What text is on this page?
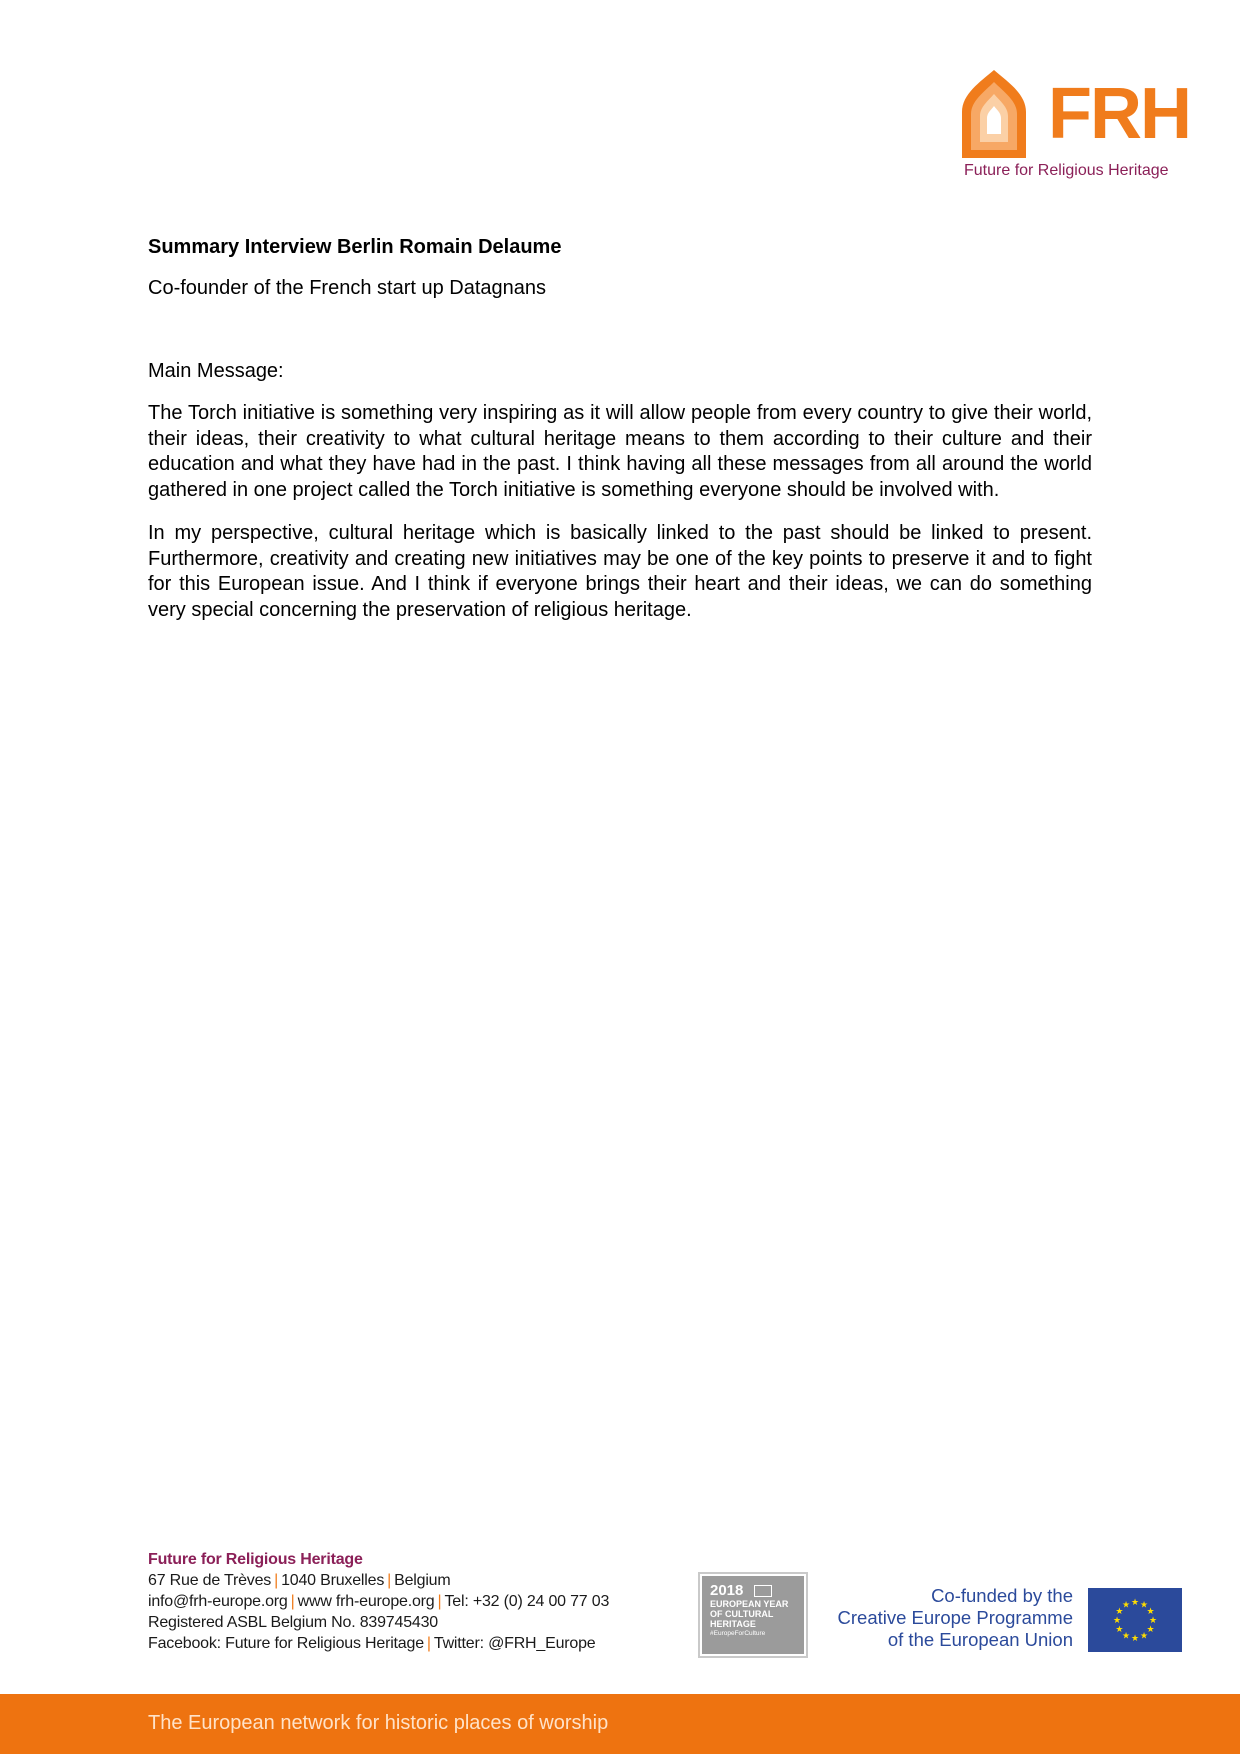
FRH
Future for Religious Heritage

Summary Interview Berlin Romain Delaume

Co-founder of the French start up Datagnans

Main Message:

The Torch initiative is something very inspiring as it will allow people from every country to give their world, their ideas, their creativity to what cultural heritage means to them according to their culture and their education and what they have had in the past. I think having all these messages from all around the world gathered in one project called the Torch initiative is something everyone should be involved with.

In my perspective, cultural heritage which is basically linked to the past should be linked to present. Furthermore, creativity and creating new initiatives may be one of the key points to preserve it and to fight for this European issue. And I think if everyone brings their heart and their ideas, we can do something very special concerning the preservation of religious heritage.

Future for Religious Heritage
67 Rue de Trèves | 1040 Bruxelles | Belgium
info@frh-europe.org | www frh-europe.org | Tel: +32 (0) 24 00 77 03
Registered ASBL Belgium No. 839745430
Facebook: Future for Religious Heritage | Twitter: @FRH_Europe
2018
EUROPEAN YEAR
OF CULTURAL
HERITAGE
#EuropeForCulture
Co-funded by the
Creative Europe Programme
of the European Union
★ ★
★
★
★
★
★
★
★
★
★
★
The European network for historic places of worship
